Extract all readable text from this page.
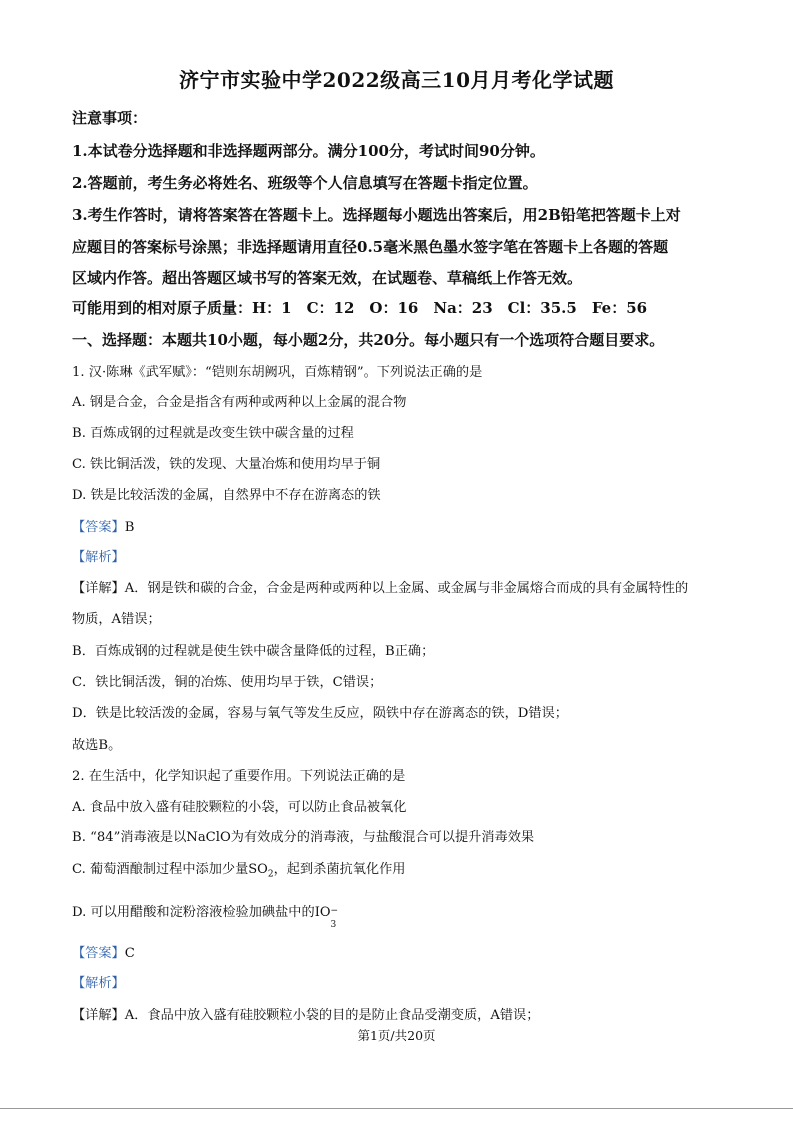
济宁市实验中学2022级高三10月月考化学试题
注意事项：
1.本试卷分选择题和非选择题两部分。满分100分，考试时间90分钟。
2.答题前，考生务必将姓名、班级等个人信息填写在答题卡指定位置。
3.考生作答时，请将答案答在答题卡上。选择题每小题选出答案后，用2B铅笔把答题卡上对
应题目的答案标号涂黑；非选择题请用直径0.5毫米黑色墨水签字笔在答题卡上各题的答题
区域内作答。超出答题区域书写的答案无效，在试题卷、草稿纸上作答无效。
可能用到的相对原子质量：H：1　C：12　O：16　Na：23　Cl：35.5　Fe：56
一、选择题：本题共10小题，每小题2分，共20分。每小题只有一个选项符合题目要求。
1. 汉·陈琳《武军赋》：“铠则东胡阙巩，百炼精钢”。下列说法正确的是
A. 钢是合金，合金是指含有两种或两种以上金属的混合物
B. 百炼成钢的过程就是改变生铁中碳含量的过程
C. 铁比铜活泼，铁的发现、大量冶炼和使用均早于铜
D. 铁是比较活泼的金属，自然界中不存在游离态的铁
【答案】B
【解析】
【详解】A．钢是铁和碳的合金，合金是两种或两种以上金属、或金属与非金属熔合而成的具有金属特性的
物质，A错误；
B．百炼成钢的过程就是使生铁中碳含量降低的过程，B正确；
C．铁比铜活泼，铜的冶炼、使用均早于铁，C错误；
D．铁是比较活泼的金属，容易与氧气等发生反应，陨铁中存在游离态的铁，D错误；
故选B。
2. 在生活中，化学知识起了重要作用。下列说法正确的是
A. 食品中放入盛有硅胶颗粒的小袋，可以防止食品被氧化
B. “84”消毒液是以NaClO为有效成分的消毒液，与盐酸混合可以提升消毒效果
C. 葡萄酒酿制过程中添加少量$SO_2$，起到杀菌抗氧化作用
D. 可以用醋酸和淀粉溶液检验加碘盐中的IO −
3
【答案】C
【解析】
【详解】A．食品中放入盛有硅胶颗粒小袋的目的是防止食品受潮变质，A错误；
第1页/共20页
